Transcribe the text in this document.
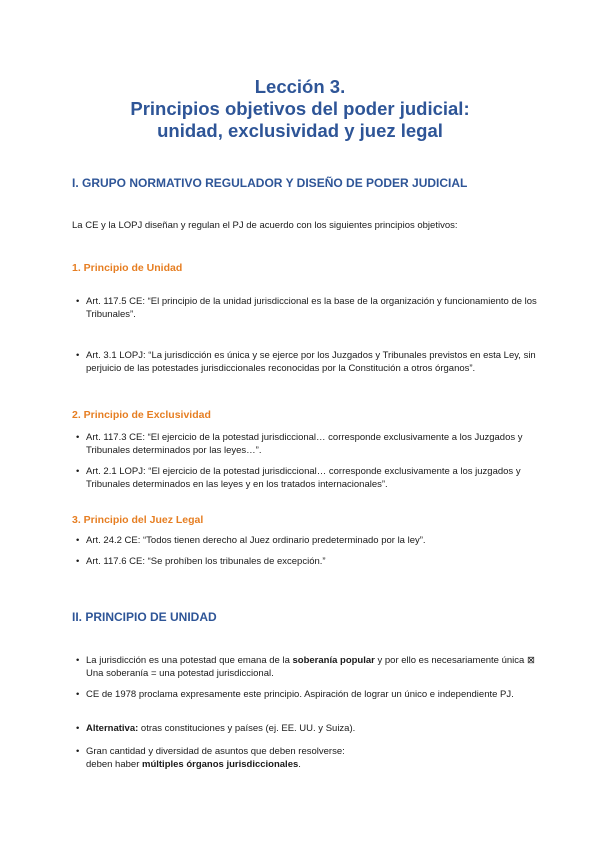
Lección 3.
Principios objetivos del poder judicial:
unidad, exclusividad y juez legal
I. GRUPO NORMATIVO REGULADOR Y DISEÑO DE PODER JUDICIAL
La CE y la LOPJ diseñan y regulan el PJ de acuerdo con los siguientes principios objetivos:
1. Principio de Unidad
• Art. 117.5 CE: “El principio de la unidad jurisdiccional es la base de la organización y funcionamiento de los Tribunales”.
• Art. 3.1 LOPJ: “La jurisdicción es única y se ejerce por los Juzgados y Tribunales previstos en esta Ley, sin perjuicio de las potestades jurisdiccionales reconocidas por la Constitución a otros órganos”.
2. Principio de Exclusividad
• Art. 117.3 CE: “El ejercicio de la potestad jurisdiccional… corresponde exclusivamente a los Juzgados y Tribunales determinados por las leyes…”.
• Art. 2.1 LOPJ: “El ejercicio de la potestad jurisdiccional… corresponde exclusivamente a los juzgados y Tribunales determinados en las leyes y en los tratados internacionales”.
3. Principio del Juez Legal
• Art. 24.2 CE: “Todos tienen derecho al Juez ordinario predeterminado por la ley”.
• Art. 117.6 CE: “Se prohíben los tribunales de excepción.”
II. PRINCIPIO DE UNIDAD
• La jurisdicción es una potestad que emana de la soberanía popular y por ello es necesariamente única ⊠ Una soberanía = una potestad jurisdiccional.
• CE de 1978 proclama expresamente este principio. Aspiración de lograr un único e independiente PJ.
• Alternativa: otras constituciones y países (ej. EE. UU. y Suiza).
• Gran cantidad y diversidad de asuntos que deben resolverse:
deben haber múltiples órganos jurisdiccionales.
